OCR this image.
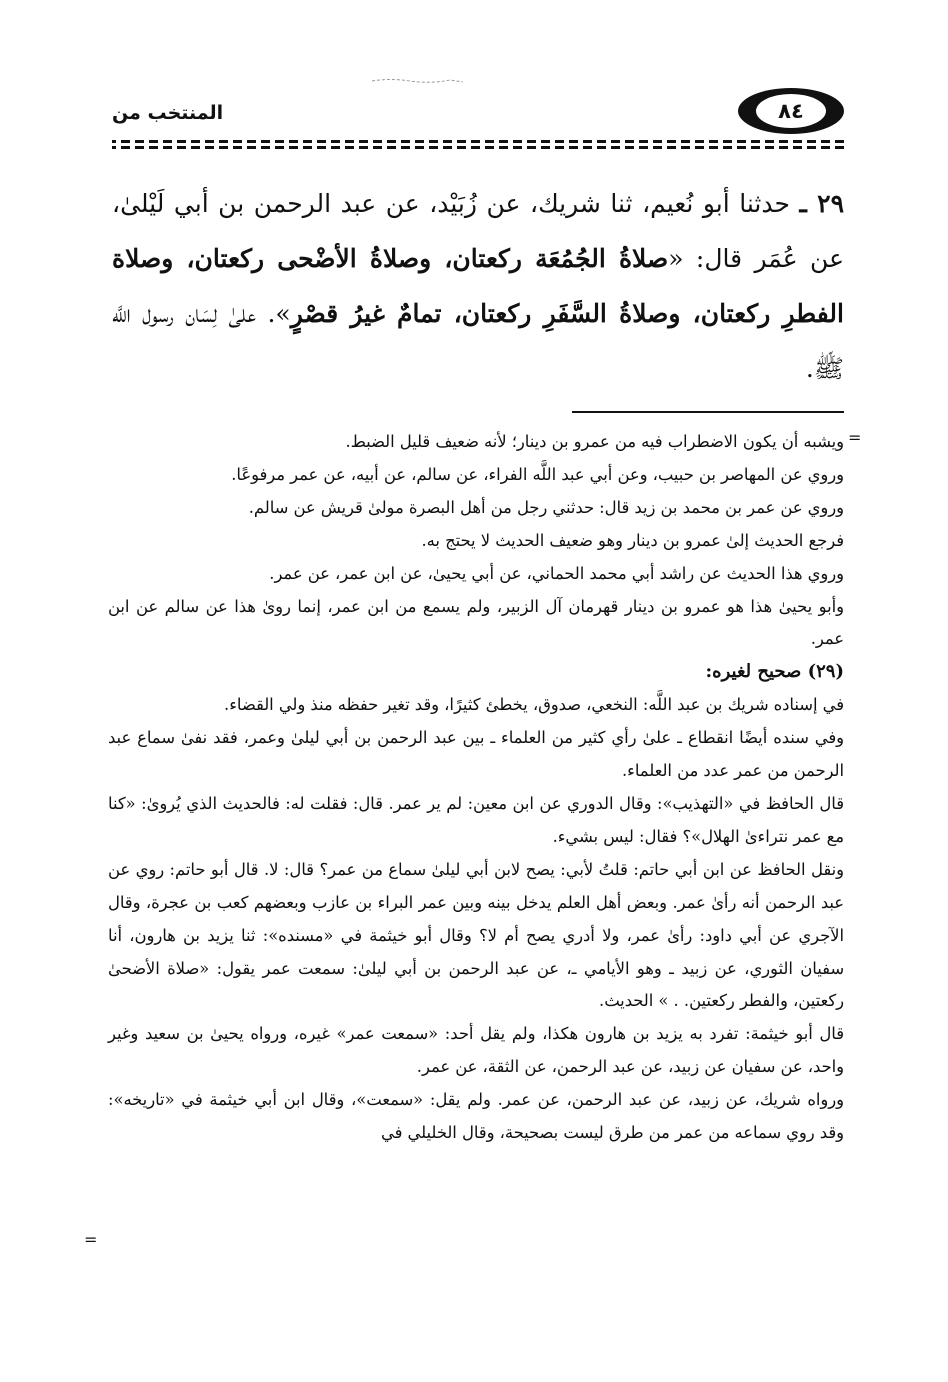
المنتخب من	٨٤
٢٩ ـ حدثنا أبو نُعيم، ثنا شريك، عن زُبَيْد، عن عبد الرحمن بن أبي لَيْلىٰ، عن عُمَر قال: «صلاةُ الجُمُعَة ركعتان، وصلاةُ الأضْحى ركعتان، وصلاة الفطرِ ركعتان، وصلاةُ السَّفَرِ ركعتان، تمامٌ غيرُ قصْرٍ». علىٰ لِسَان رسول اللَّه ﷺ.
=

ويشبه أن يكون الاضطراب فيه من عمرو بن دينار؛ لأنه ضعيف قليل الضبط.

وروي عن المهاصر بن حبيب، وعن أبي عبد اللَّه الفراء، عن سالم، عن أبيه، عن عمر مرفوعًا.

وروي عن عمر بن محمد بن زيد قال: حدثني رجل من أهل البصرة مولىٰ قريش عن سالم.

فرجع الحديث إلىٰ عمرو بن دينار وهو ضعيف الحديث لا يحتج به.

وروي هذا الحديث عن راشد أبي محمد الحماني، عن أبي يحيىٰ، عن ابن عمر، عن عمر.

وأبو يحيىٰ هذا هو عمرو بن دينار قهرمان آل الزبير، ولم يسمع من ابن عمر، إنما روىٰ هذا عن سالم عن ابن عمر.

(٢٩) صحيح لغيره:

في إسناده شريك بن عبد اللَّه: النخعي، صدوق، يخطئ كثيرًا، وقد تغير حفظه منذ ولي القضاء.

وفي سنده أيضًا انقطاع ـ علىٰ رأي كثير من العلماء ـ بين عبد الرحمن بن أبي ليلىٰ وعمر، فقد نفىٰ سماع عبد الرحمن من عمر عدد من العلماء.

قال الحافظ في «التهذيب»: وقال الدوري عن ابن معين: لم ير عمر. قال: فقلت له: فالحديث الذي يُروىٰ: «كنا مع عمر نتراءىٰ الهلال»؟ فقال: ليس بشيء.

ونقل الحافظ عن ابن أبي حاتم: قلتُ لأبي: يصح لابن أبي ليلىٰ سماع من عمر؟ قال: لا. قال أبو حاتم: روي عن عبد الرحمن أنه رأىٰ عمر. وبعض أهل العلم يدخل بينه وبين عمر البراء بن عازب وبعضهم كعب بن عجرة، وقال الآجري عن أبي داود: رأىٰ عمر، ولا أدري يصح أم لا؟ وقال أبو خيثمة في «مسنده»: ثنا يزيد بن هارون، أنا سفيان الثوري، عن زبيد ـ وهو الأيامي ـ، عن عبد الرحمن بن أبي ليلىٰ: سمعت عمر يقول: «صلاة الأضحىٰ ركعتين، والفطر ركعتين. . » الحديث.

قال أبو خيثمة: تفرد به يزيد بن هارون هكذا، ولم يقل أحد: «سمعت عمر» غيره، ورواه يحيىٰ بن سعيد وغير واحد، عن سفيان عن زبيد، عن عبد الرحمن، عن الثقة، عن عمر.

ورواه شريك، عن زبيد، عن عبد الرحمن، عن عمر. ولم يقل: «سمعت»، وقال ابن أبي خيثمة في «تاريخه»: وقد روي سماعه من عمر من طرق ليست بصحيحة، وقال الخليلي في

=
